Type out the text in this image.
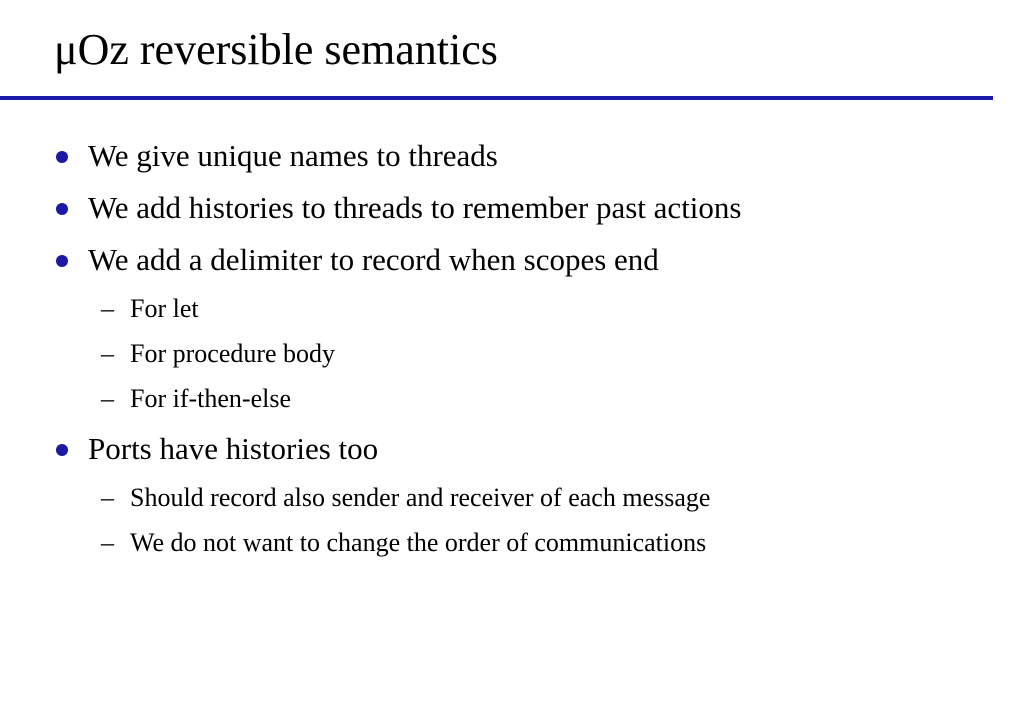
μOz reversible semantics
We give unique names to threads
We add histories to threads to remember past actions
We add a delimiter to record when scopes end
– For let
– For procedure body
– For if-then-else
Ports have histories too
– Should record also sender and receiver of each message
– We do not want to change the order of communications
